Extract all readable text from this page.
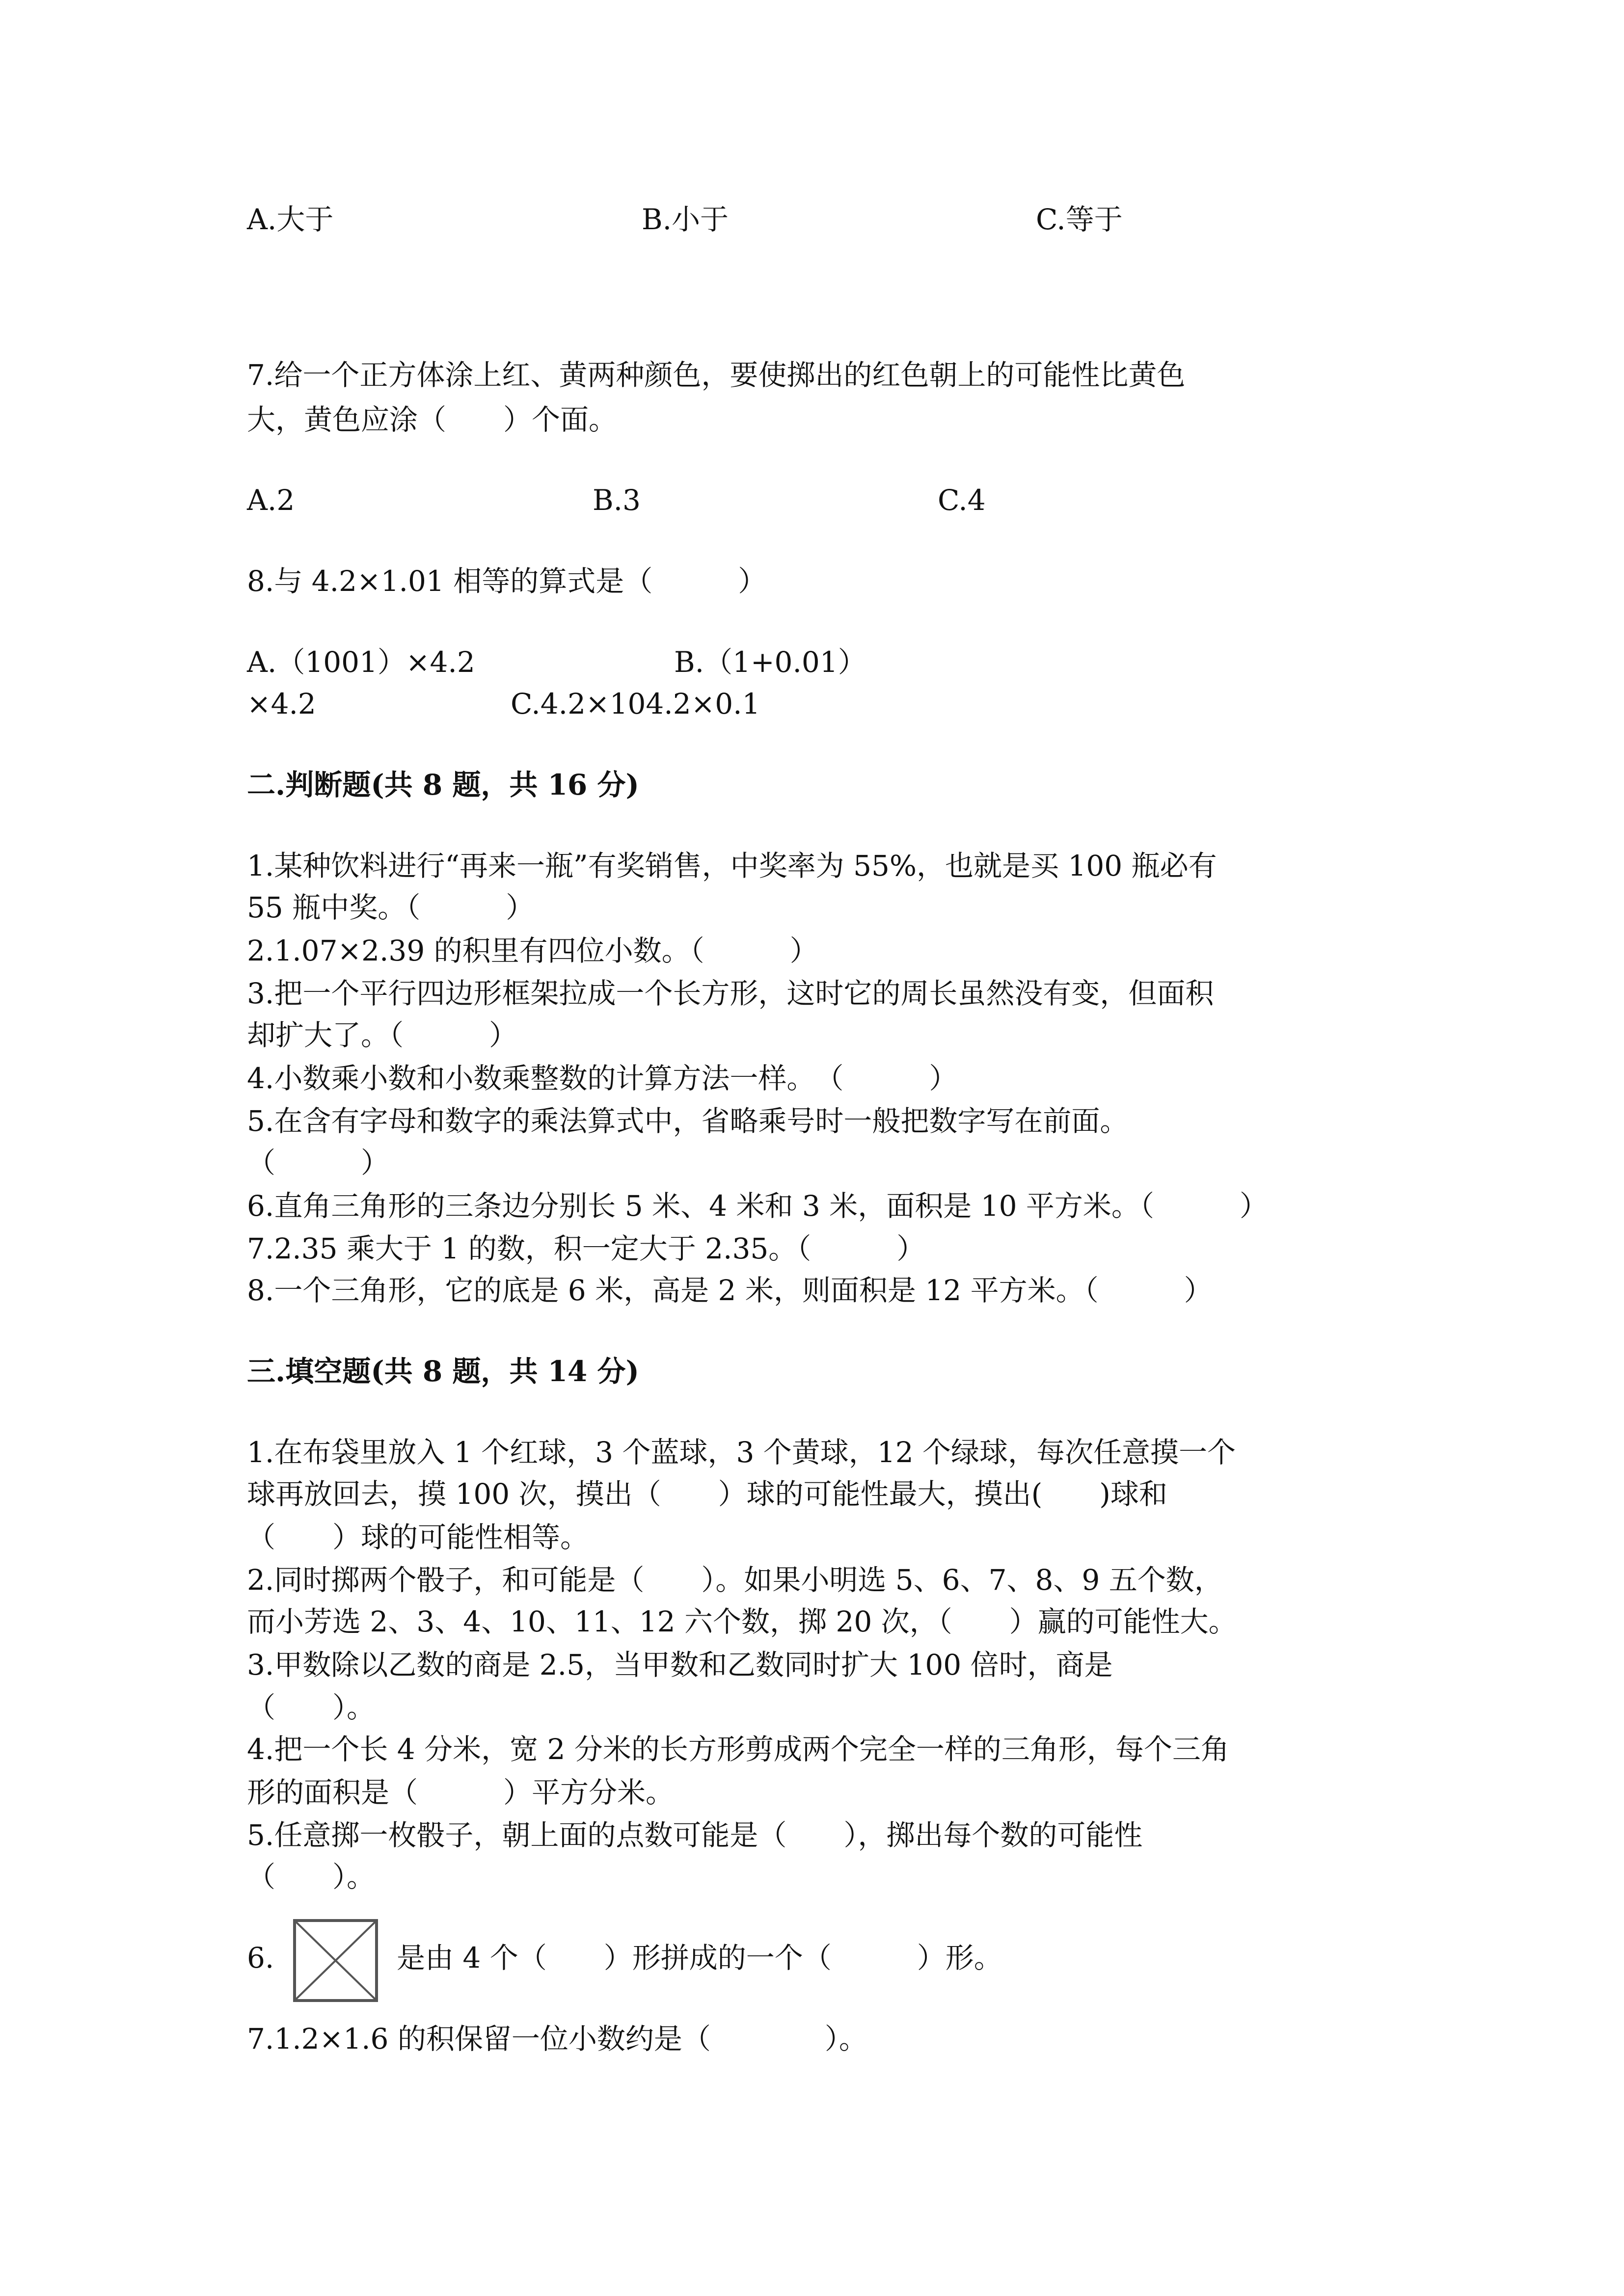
A.大于	B.小于	C.等于
7.给一个正方体涂上红、黄两种颜色，要使掷出的红色朝上的可能性比黄色
大，黄色应涂（　　）个面。
A.2	B.3	C.4
8.与 4.2×1.01 相等的算式是（　　　）
A.（1001）×4.2	B.（1+0.01）
×4.2	C.4.2×104.2×0.1
二.判断题(共 8 题，共 16 分)
1.某种饮料进行“再来一瓶”有奖销售，中奖率为 55%，也就是买 100 瓶必有
55 瓶中奖。（　　　）
2.1.07×2.39 的积里有四位小数。（　　　）
3.把一个平行四边形框架拉成一个长方形，这时它的周长虽然没有变，但面积
却扩大了。（　　　）
4.小数乘小数和小数乘整数的计算方法一样。　（　　　）
5.在含有字母和数字的乘法算式中，省略乘号时一般把数字写在前面。
（　　　）
6.直角三角形的三条边分别长 5 米、4 米和 3 米，面积是 10 平方米。（　　　）
7.2.35 乘大于 1 的数，积一定大于 2.35。（　　　）
8.一个三角形，它的底是 6 米，高是 2 米，则面积是 12 平方米。（　　　）
三.填空题(共 8 题，共 14 分)
1.在布袋里放入 1 个红球，3 个蓝球，3 个黄球，12 个绿球，每次任意摸一个
球再放回去，摸 100 次，摸出（　　）球的可能性最大，摸出(　　)球和
（　　）球的可能性相等。
2.同时掷两个骰子，和可能是（　　）。如果小明选 5、6、7、8、9 五个数，
而小芳选 2、3、4、10、11、12 六个数，掷 20 次，（　　）赢的可能性大。
3.甲数除以乙数的商是 2.5，当甲数和乙数同时扩大 100 倍时，商是
（　　）。
4.把一个长 4 分米，宽 2 分米的长方形剪成两个完全一样的三角形，每个三角
形的面积是（　　　）平方分米。
5.任意掷一枚骰子，朝上面的点数可能是（　　），掷出每个数的可能性
（　　）。
6.	是由 4 个（　　）形拼成的一个（　　　）形。
7.1.2×1.6 的积保留一位小数约是（　　　　）。
